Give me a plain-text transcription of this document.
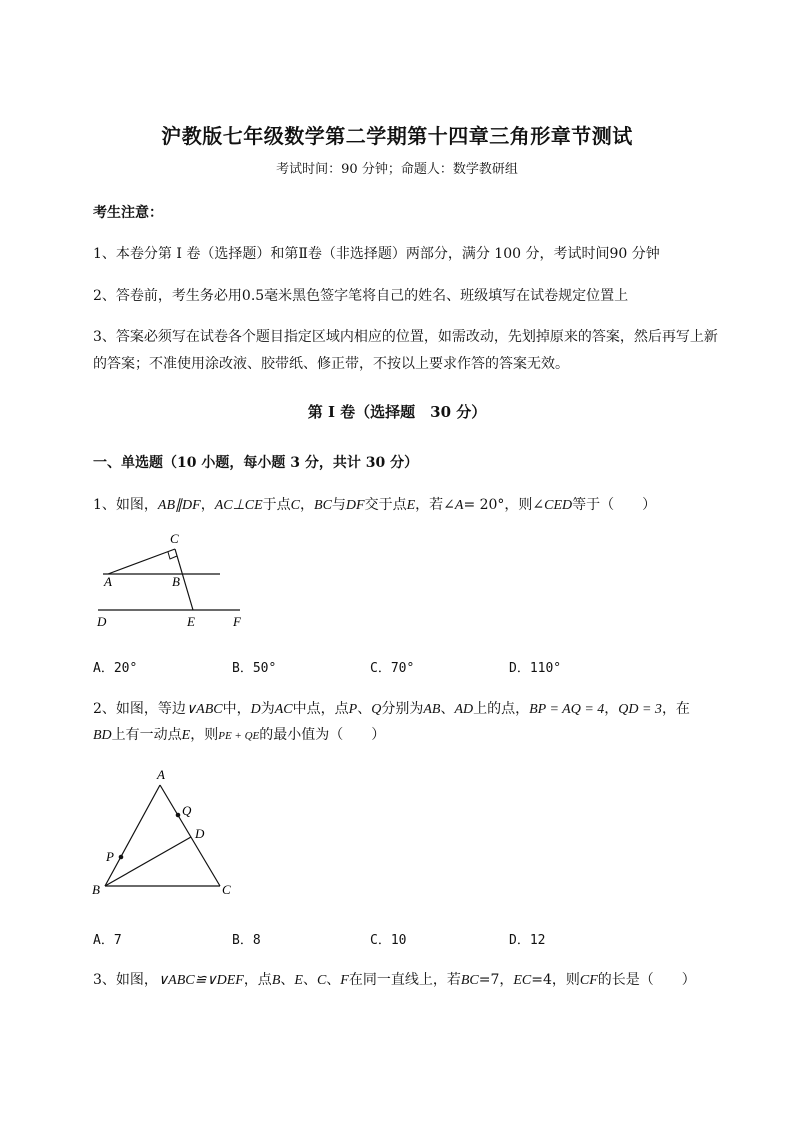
沪教版七年级数学第二学期第十四章三角形章节测试
考试时间：90 分钟；命题人：数学教研组
考生注意：
1、本卷分第 I 卷（选择题）和第Ⅱ卷（非选择题）两部分，满分 100 分，考试时间90 分钟
2、答卷前，考生务必用0.5毫米黑色签字笔将自己的姓名、班级填写在试卷规定位置上
3、答案必须写在试卷各个题目指定区域内相应的位置，如需改动，先划掉原来的答案，然后再写上新
的答案；不准使用涂改液、胶带纸、修正带，不按以上要求作答的答案无效。
第 I 卷（选择题　30 分）
一、单选题（10 小题，每小题 3 分，共计 30 分）
1、如图，AB∥DF，AC⊥CE于点C，BC与DF交于点E，若∠A= 20°，则∠CED等于（　　）
C
A	B
D	E	F
A．20°	B．50°	C．70°	D．110°
2、如图，等边∨ABC中，D为AC中点，点P、Q分别为AB、AD上的点，BP = AQ = 4，QD = 3，在
BD上有一动点E，则PE + QE的最小值为（　　）
A
Q
D
P
B	C
A．7	B．8	C．10	D．12
3、如图，∨ABC≌∨DEF，点B、E、C、F在同一直线上，若BC=7，EC=4，则CF的长是（　　）
